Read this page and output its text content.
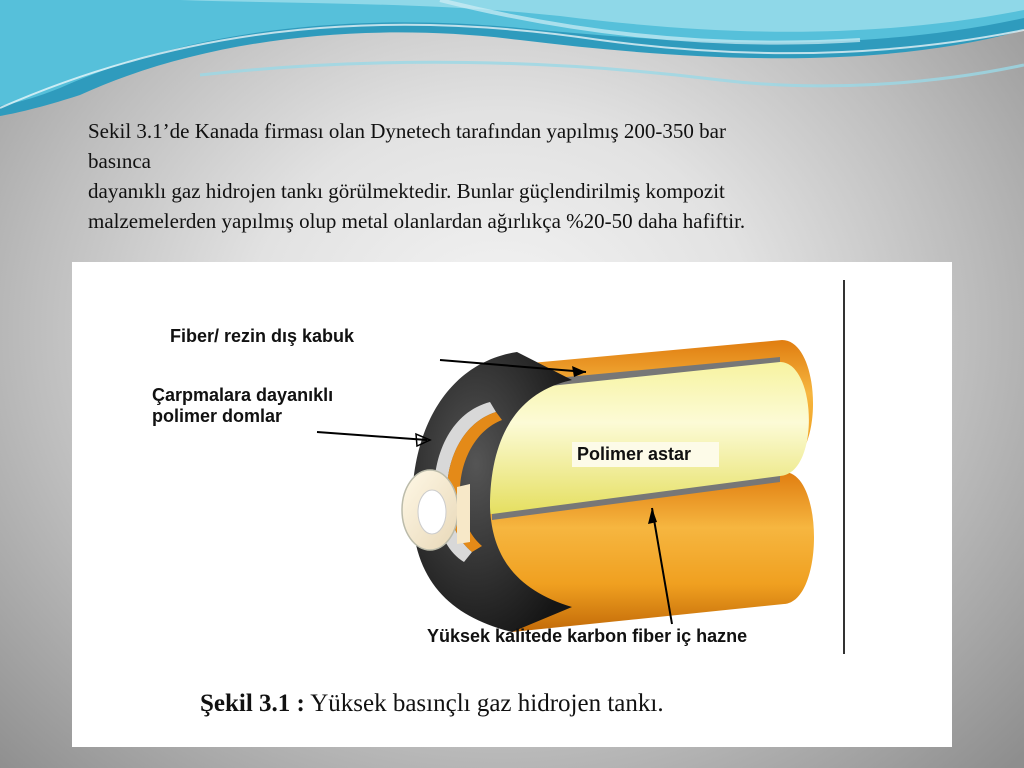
Sekil 3.1’de Kanada firması olan Dynetech tarafından yapılmış 200-350 bar
basınca
dayanıklı gaz hidrojen tankı görülmektedir. Bunlar güçlendirilmiş kompozit
malzemelerden yapılmış olup metal olanlardan ağırlıkça %20-50 daha hafiftir.
Fiber/ rezin dış kabuk
Çarpmalara dayanıklı
polimer domlar
Polimer astar
Yüksek kalitede karbon fiber iç hazne
Şekil 3.1 : Yüksek basınçlı gaz hidrojen tankı.
